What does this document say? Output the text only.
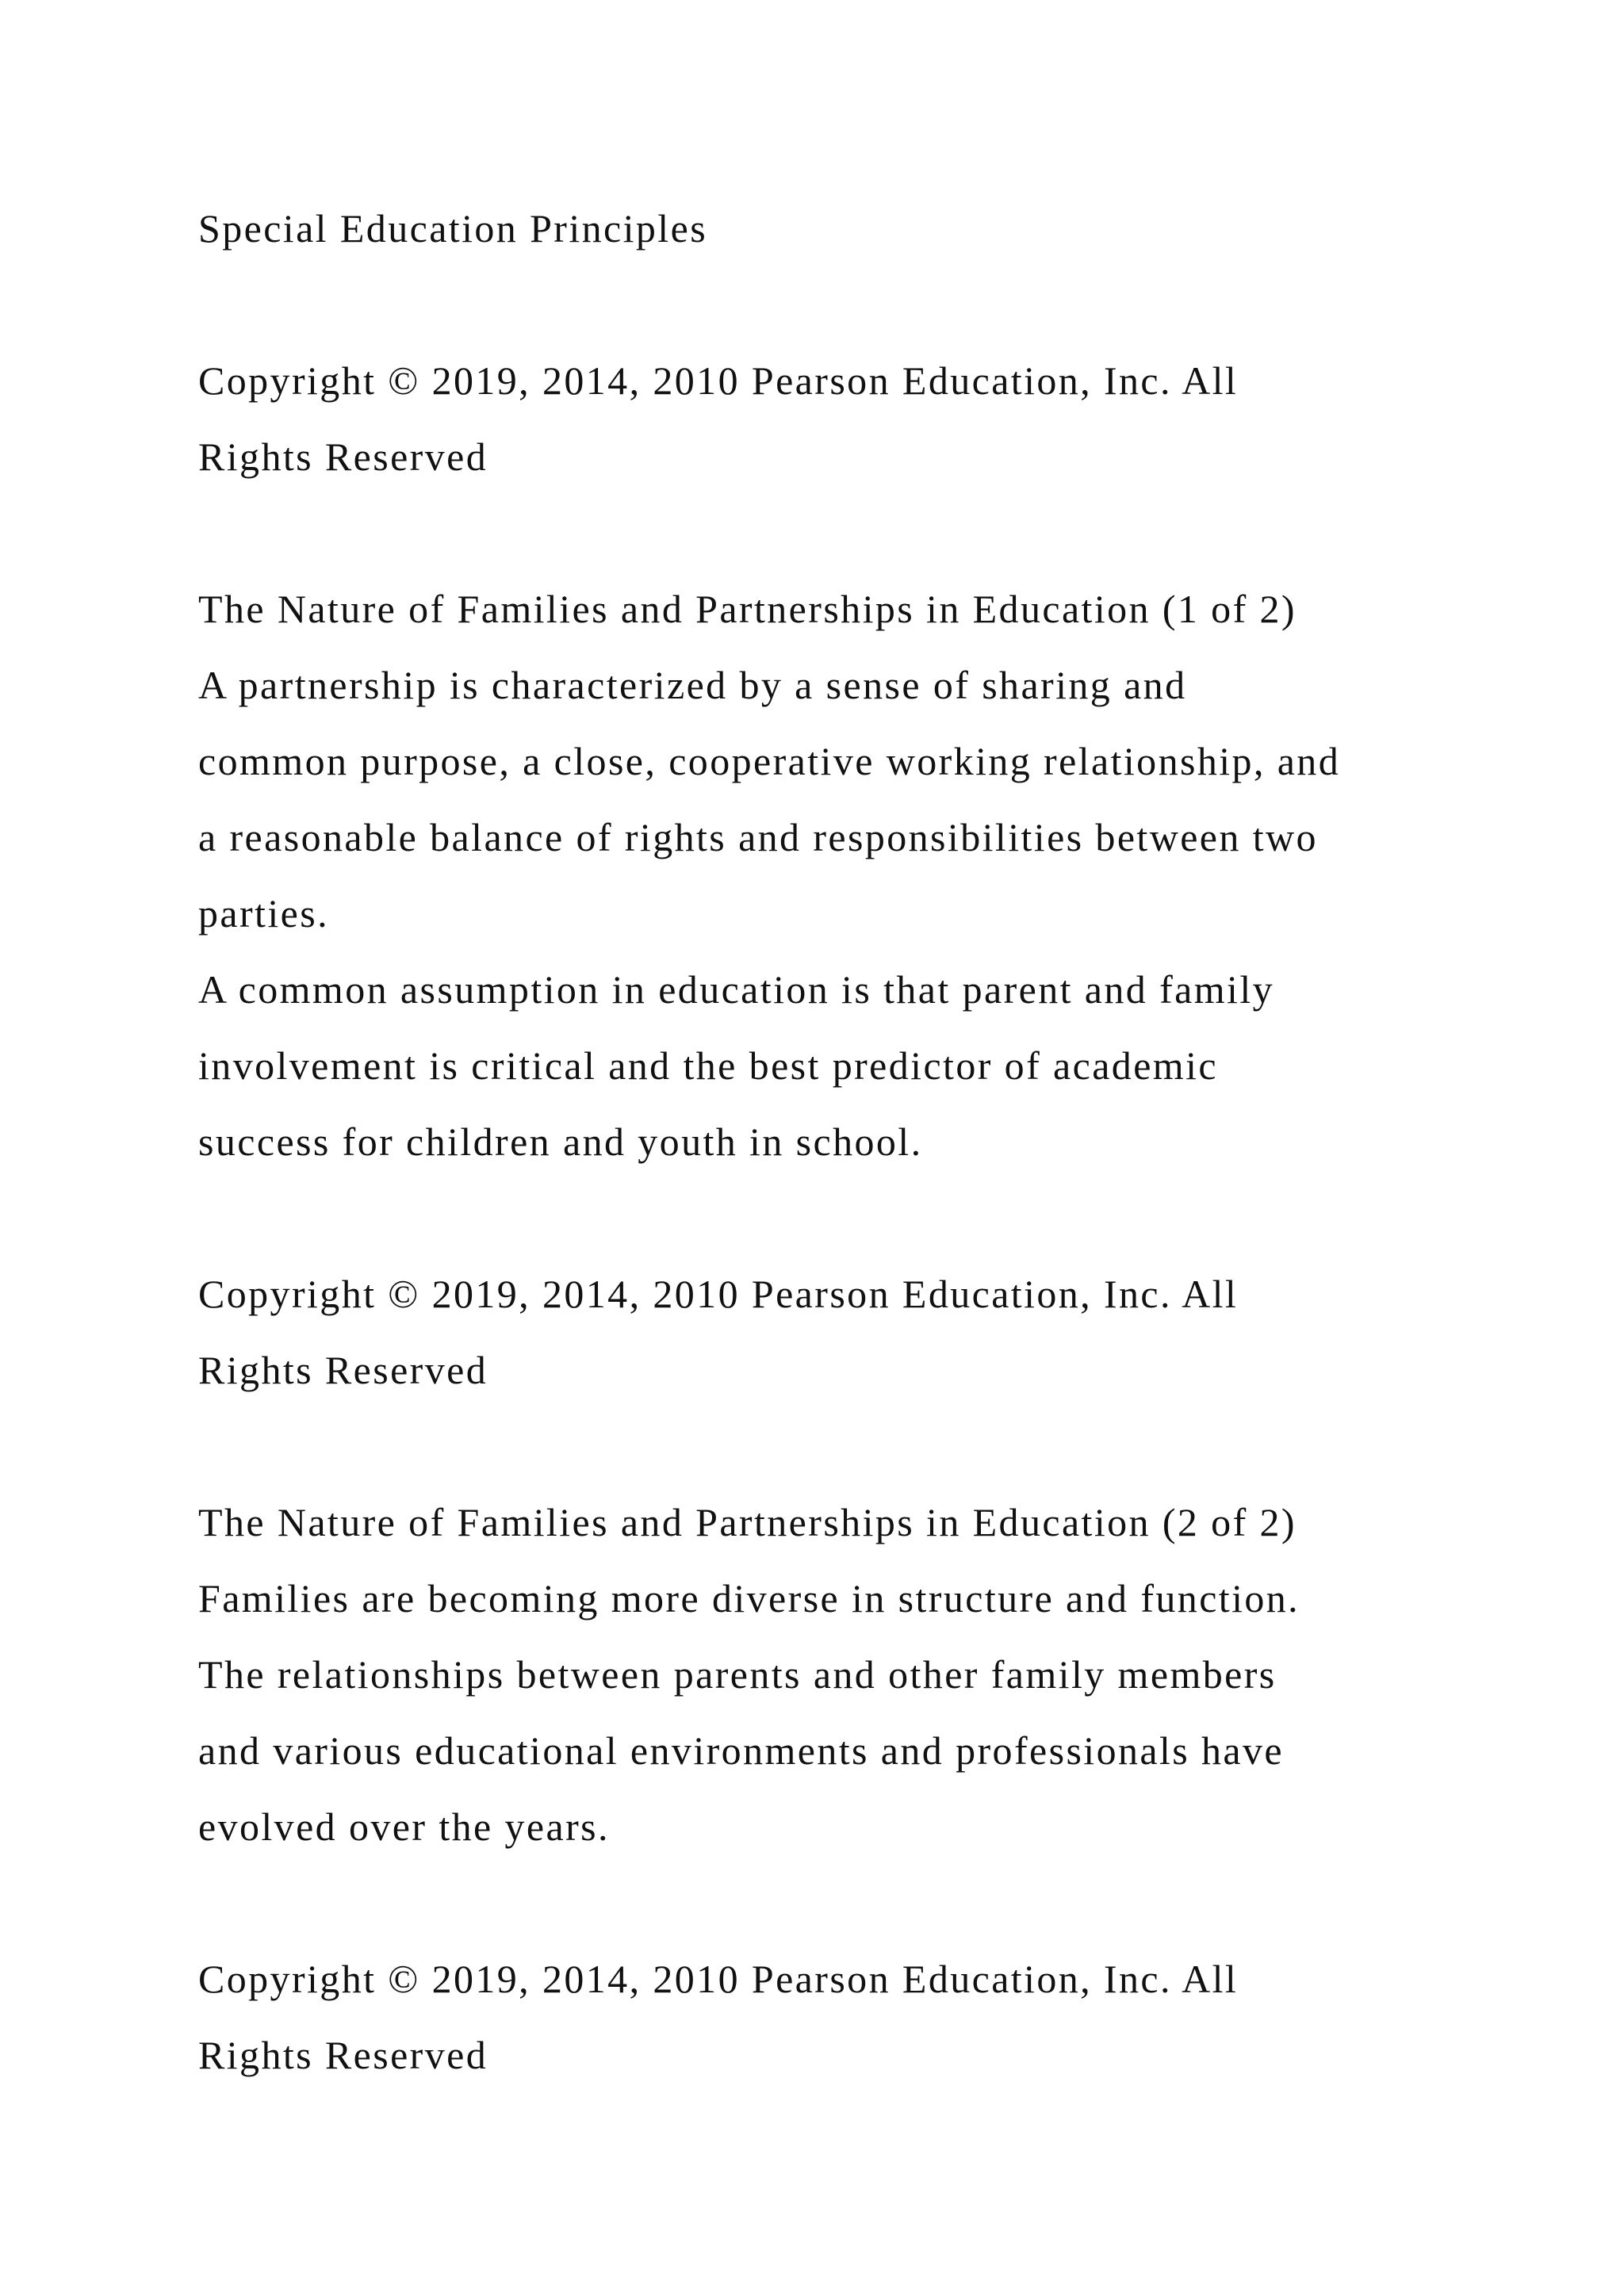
Special Education Principles
Copyright © 2019, 2014, 2010 Pearson Education, Inc. All
Rights Reserved
The Nature of Families and Partnerships in Education (1 of 2)
A partnership is characterized by a sense of sharing and
common purpose, a close, cooperative working relationship, and
a reasonable balance of rights and responsibilities between two
parties.
A common assumption in education is that parent and family
involvement is critical and the best predictor of academic
success for children and youth in school.
Copyright © 2019, 2014, 2010 Pearson Education, Inc. All
Rights Reserved
The Nature of Families and Partnerships in Education (2 of 2)
Families are becoming more diverse in structure and function.
The relationships between parents and other family members
and various educational environments and professionals have
evolved over the years.
Copyright © 2019, 2014, 2010 Pearson Education, Inc. All
Rights Reserved
